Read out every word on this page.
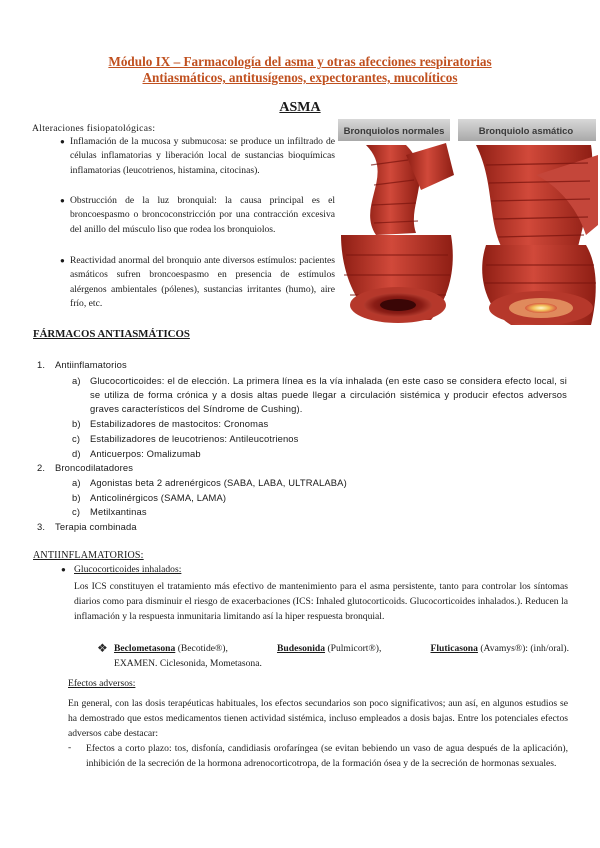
Módulo IX – Farmacología del asma y otras afecciones respiratorias
Antiasmáticos, antitusígenos, expectorantes, mucolíticos
ASMA
Alteraciones fisiopatológicas:
● Inflamación de la mucosa y submucosa: se produce un infiltrado de células inflamatorias y liberación local de sustancias bioquímicas inflamatorias (leucotrienos, histamina, citocinas).
● Obstrucción de la luz bronquial: la causa principal es el broncoespasmo o broncoconstricción por una contracción excesiva del anillo del músculo liso que rodea los bronquiolos.
● Reactividad anormal del bronquio ante diversos estímulos: pacientes asmáticos sufren broncoespasmo en presencia de estímulos alérgenos ambientales (pólenes), sustancias irritantes (humo), aire frío, etc.
Bronquiolos normales	Bronquiolo asmático
FÁRMACOS ANTIASMÁTICOS
1. Antiinflamatorios
a) Glucocorticoides: el de elección. La primera línea es la vía inhalada (en este caso se considera efecto local, si se utiliza de forma crónica y a dosis altas puede llegar a circulación sistémica y producir efectos adversos graves característicos del Síndrome de Cushing).
b) Estabilizadores de mastocitos: Cronomas
c) Estabilizadores de leucotrienos: Antileucotrienos
d) Anticuerpos: Omalizumab
2. Broncodilatadores
a) Agonistas beta 2 adrenérgicos (SABA, LABA, ULTRALABA)
b) Anticolinérgicos (SAMA, LAMA)
c) Metilxantinas
3. Terapia combinada
ANTIINFLAMATORIOS:
● Glucocorticoides inhalados:
Los ICS constituyen el tratamiento más efectivo de mantenimiento para el asma persistente, tanto para controlar los síntomas diarios como para disminuir el riesgo de exacerbaciones (ICS: Inhaled glutocorticoids. Glucocorticoides inhalados.). Reducen la inflamación y la respuesta inmunitaria limitando así la hiper respuesta bronquial.
❖ Beclometasona (Becotide®),	Budesonida (Pulmicort®),	Fluticasona (Avamys®): (inh/oral).
EXAMEN. Ciclesonida, Mometasona.
Efectos adversos:
En general, con las dosis terapéuticas habituales, los efectos secundarios son poco significativos; aun así, en algunos estudios se ha demostrado que estos medicamentos tienen actividad sistémica, incluso empleados a dosis bajas. Entre los potenciales efectos adversos cabe destacar:
- Efectos a corto plazo: tos, disfonía, candidiasis orofaríngea (se evitan bebiendo un vaso de agua después de la aplicación), inhibición de la secreción de la hormona adrenocorticotropa, de la formación ósea y de la secreción de hormonas sexuales.
